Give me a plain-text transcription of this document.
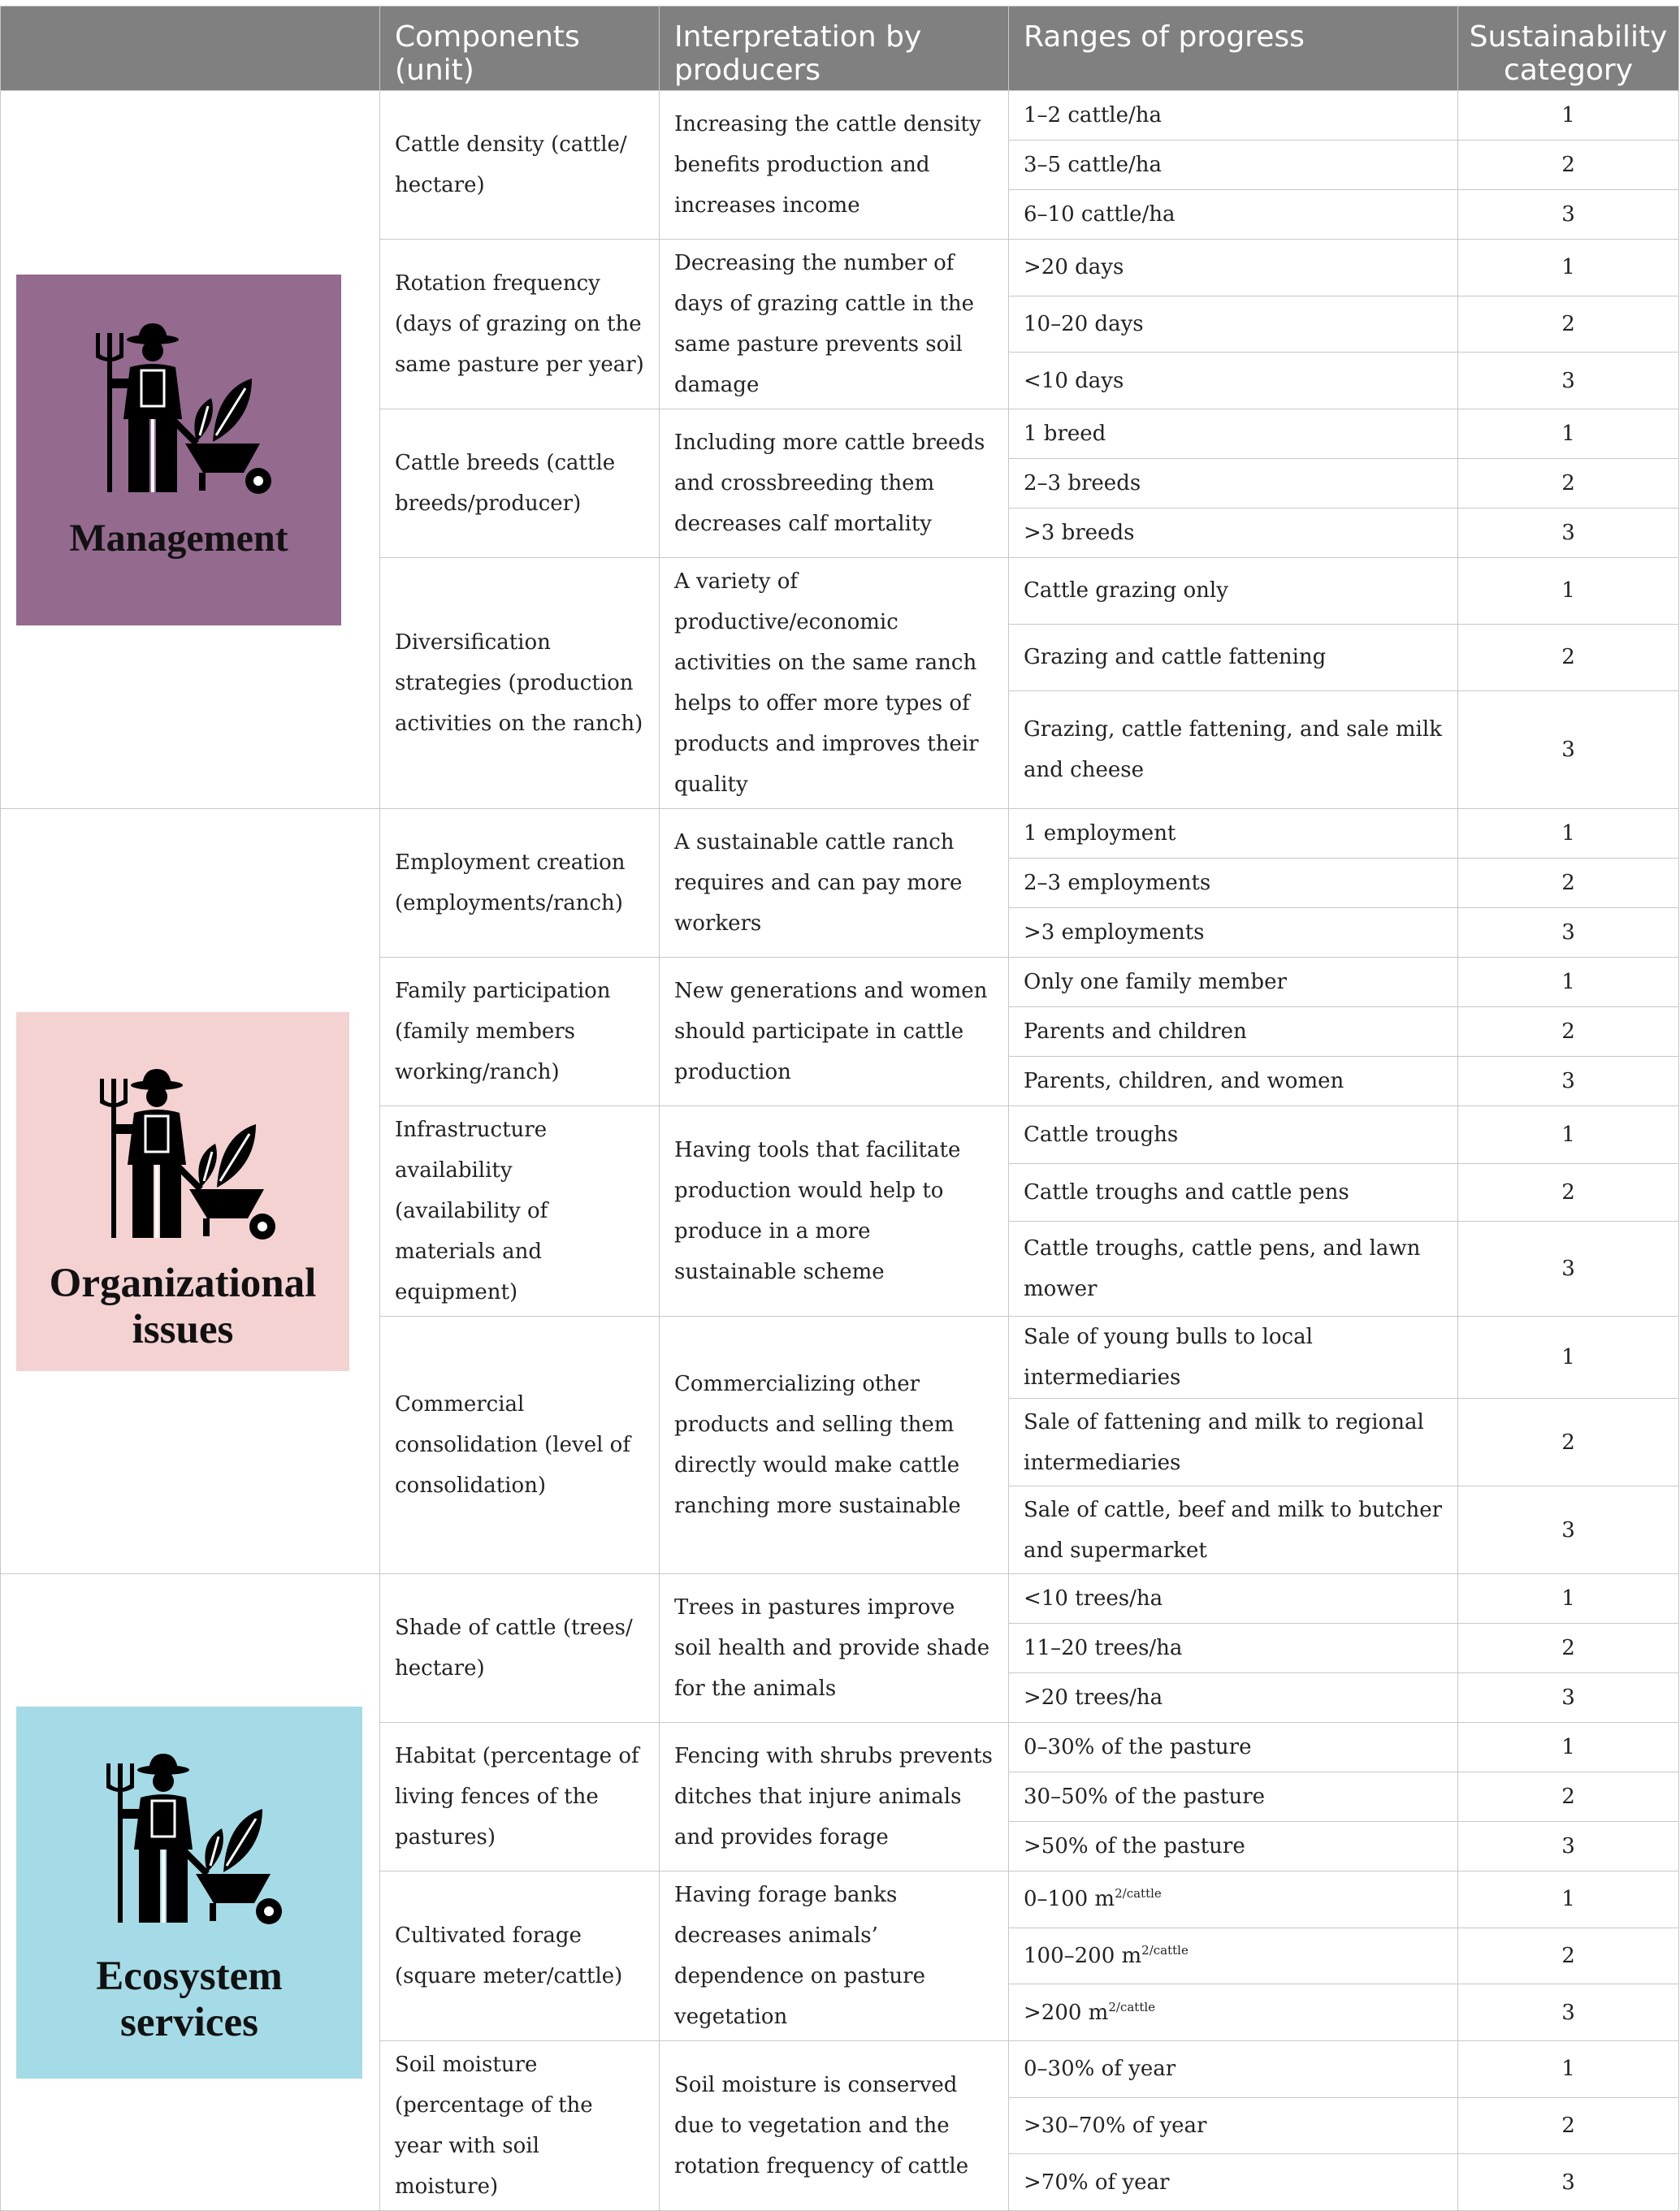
	Components (unit)	Interpretation by producers	Ranges of progress	Sustainability category

Management	Cattle density (cattle/ hectare)	Increasing the cattle density benefits production and increases income	1–2 cattle/ha	1
			3–5 cattle/ha	2
			6–10 cattle/ha	3
	Rotation frequency (days of grazing on the same pasture per year)	Decreasing the number of days of grazing cattle in the same pasture prevents soil damage	>20 days	1
			10–20 days	2
			<10 days	3
	Cattle breeds (cattle breeds/producer)	Including more cattle breeds and crossbreeding them decreases calf mortality	1 breed	1
			2–3 breeds	2
			>3 breeds	3
	Diversification strategies (production activities on the ranch)	A variety of productive/economic activities on the same ranch helps to offer more types of products and improves their quality	Cattle grazing only	1
			Grazing and cattle fattening	2
			Grazing, cattle fattening, and sale milk and cheese	3

Organizational issues	Employment creation (employments/ranch)	A sustainable cattle ranch requires and can pay more workers	1 employment	1
			2–3 employments	2
			>3 employments	3
	Family participation (family members working/ranch)	New generations and women should participate in cattle production	Only one family member	1
			Parents and children	2
			Parents, children, and women	3
	Infrastructure availability (availability of materials and equipment)	Having tools that facilitate production would help to produce in a more sustainable scheme	Cattle troughs	1
			Cattle troughs and cattle pens	2
			Cattle troughs, cattle pens, and lawn mower	3
	Commercial consolidation (level of consolidation)	Commercializing other products and selling them directly would make cattle ranching more sustainable	Sale of young bulls to local intermediaries	1
			Sale of fattening and milk to regional intermediaries	2
			Sale of cattle, beef and milk to butcher and supermarket	3

Ecosystem services	Shade of cattle (trees/ hectare)	Trees in pastures improve soil health and provide shade for the animals	<10 trees/ha	1
			11–20 trees/ha	2
			>20 trees/ha	3
	Habitat (percentage of living fences of the pastures)	Fencing with shrubs prevents ditches that injure animals and provides forage	0–30% of the pasture	1
			30–50% of the pasture	2
			>50% of the pasture	3
	Cultivated forage (square meter/cattle)	Having forage banks decreases animals’ dependence on pasture vegetation	0–100 $m^{2/cattle}$	1
			100–200 $m^{2/cattle}$	2
			>200 $m^{2/cattle}$	3
	Soil moisture (percentage of the year with soil moisture)	Soil moisture is conserved due to vegetation and the rotation frequency of cattle	0–30% of year	1
			>30–70% of year	2
			>70% of year	3
